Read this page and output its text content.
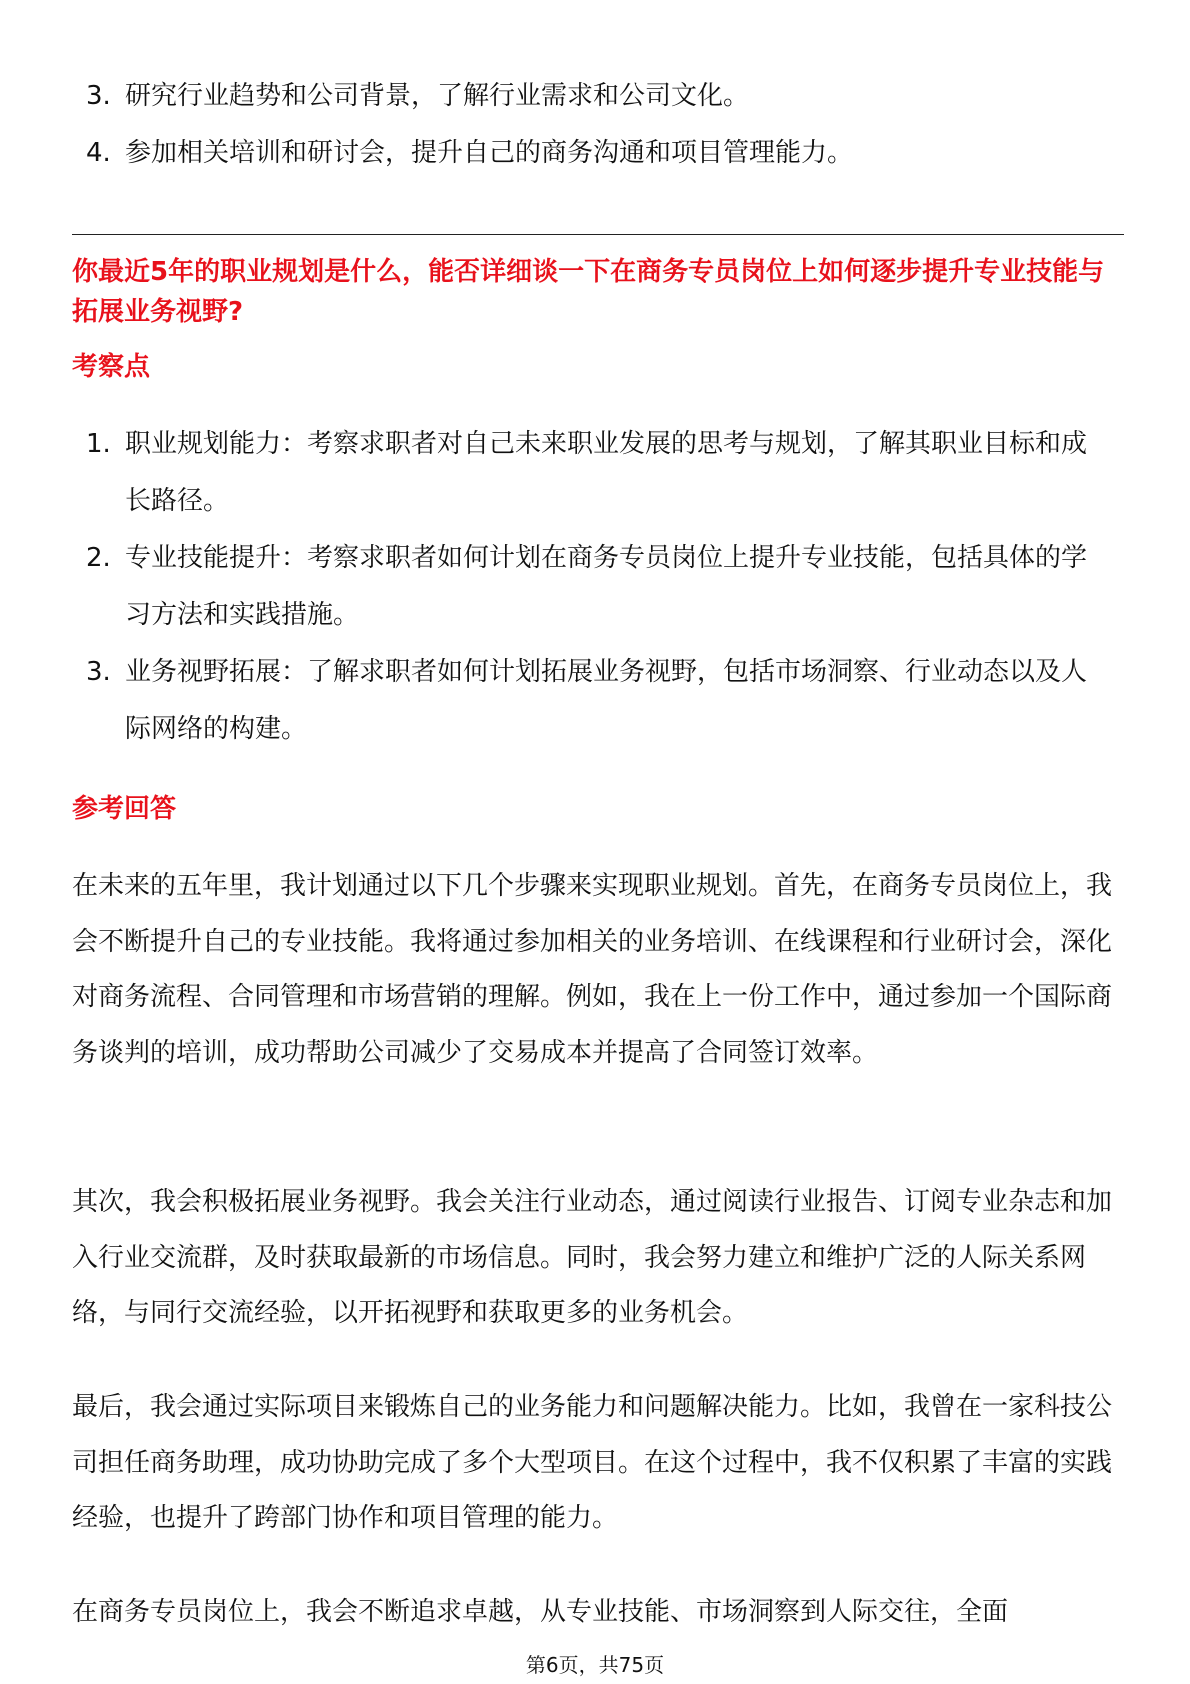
3. 研究行业趋势和公司背景，了解行业需求和公司文化。
4. 参加相关培训和研讨会，提升自己的商务沟通和项目管理能力。
你最近5年的职业规划是什么，能否详细谈一下在商务专员岗位上如何逐步提升专业技能与拓展业务视野?
考察点
1. 职业规划能力：考察求职者对自己未来职业发展的思考与规划，了解其职业目标和成长路径。
2. 专业技能提升：考察求职者如何计划在商务专员岗位上提升专业技能，包括具体的学习方法和实践措施。
3. 业务视野拓展：了解求职者如何计划拓展业务视野，包括市场洞察、行业动态以及人际网络的构建。
参考回答

在未来的五年里，我计划通过以下几个步骤来实现职业规划。首先，在商务专员岗位上，我会不断提升自己的专业技能。我将通过参加相关的业务培训、在线课程和行业研讨会，深化对商务流程、合同管理和市场营销的理解。例如，我在上一份工作中，通过参加一个国际商务谈判的培训，成功帮助公司减少了交易成本并提高了合同签订效率。

其次，我会积极拓展业务视野。我会关注行业动态，通过阅读行业报告、订阅专业杂志和加入行业交流群，及时获取最新的市场信息。同时，我会努力建立和维护广泛的人际关系网络，与同行交流经验，以开拓视野和获取更多的业务机会。

最后，我会通过实际项目来锻炼自己的业务能力和问题解决能力。比如，我曾在一家科技公司担任商务助理，成功协助完成了多个大型项目。在这个过程中，我不仅积累了丰富的实践经验，也提升了跨部门协作和项目管理的能力。

在商务专员岗位上，我会不断追求卓越，从专业技能、市场洞察到人际交往，全面

第6页，共75页
